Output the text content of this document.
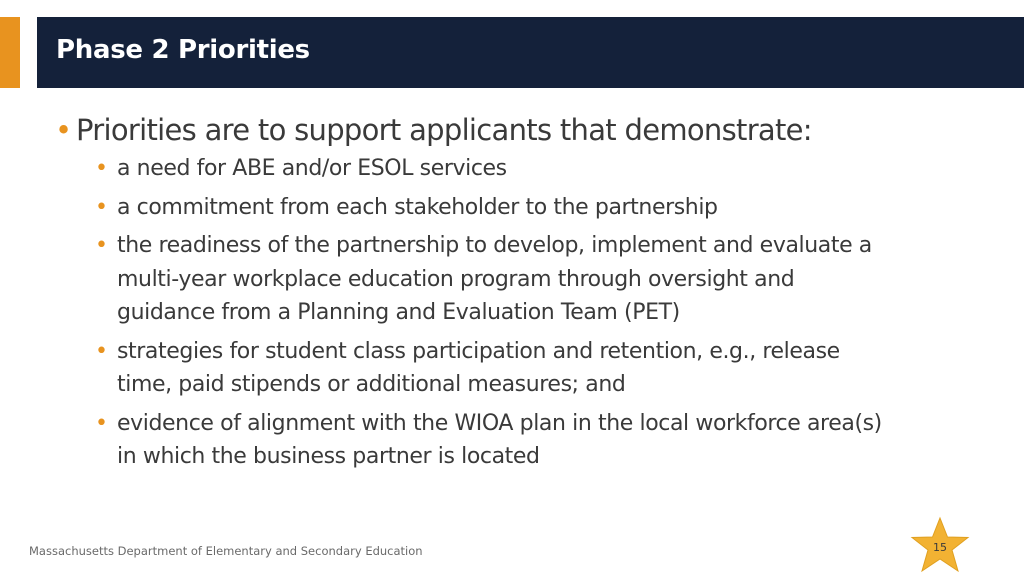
Phase 2 Priorities
• Priorities are to support applicants that demonstrate:
• a need for ABE and/or ESOL services
• a commitment from each stakeholder to the partnership
• the readiness of the partnership to develop, implement and evaluate a
multi-year workplace education program through oversight and
guidance from a Planning and Evaluation Team (PET)
• strategies for student class participation and retention, e.g., release
time, paid stipends or additional measures; and
• evidence of alignment with the WIOA plan in the local workforce area(s)
in which the business partner is located
Massachusetts Department of Elementary and Secondary Education	15
